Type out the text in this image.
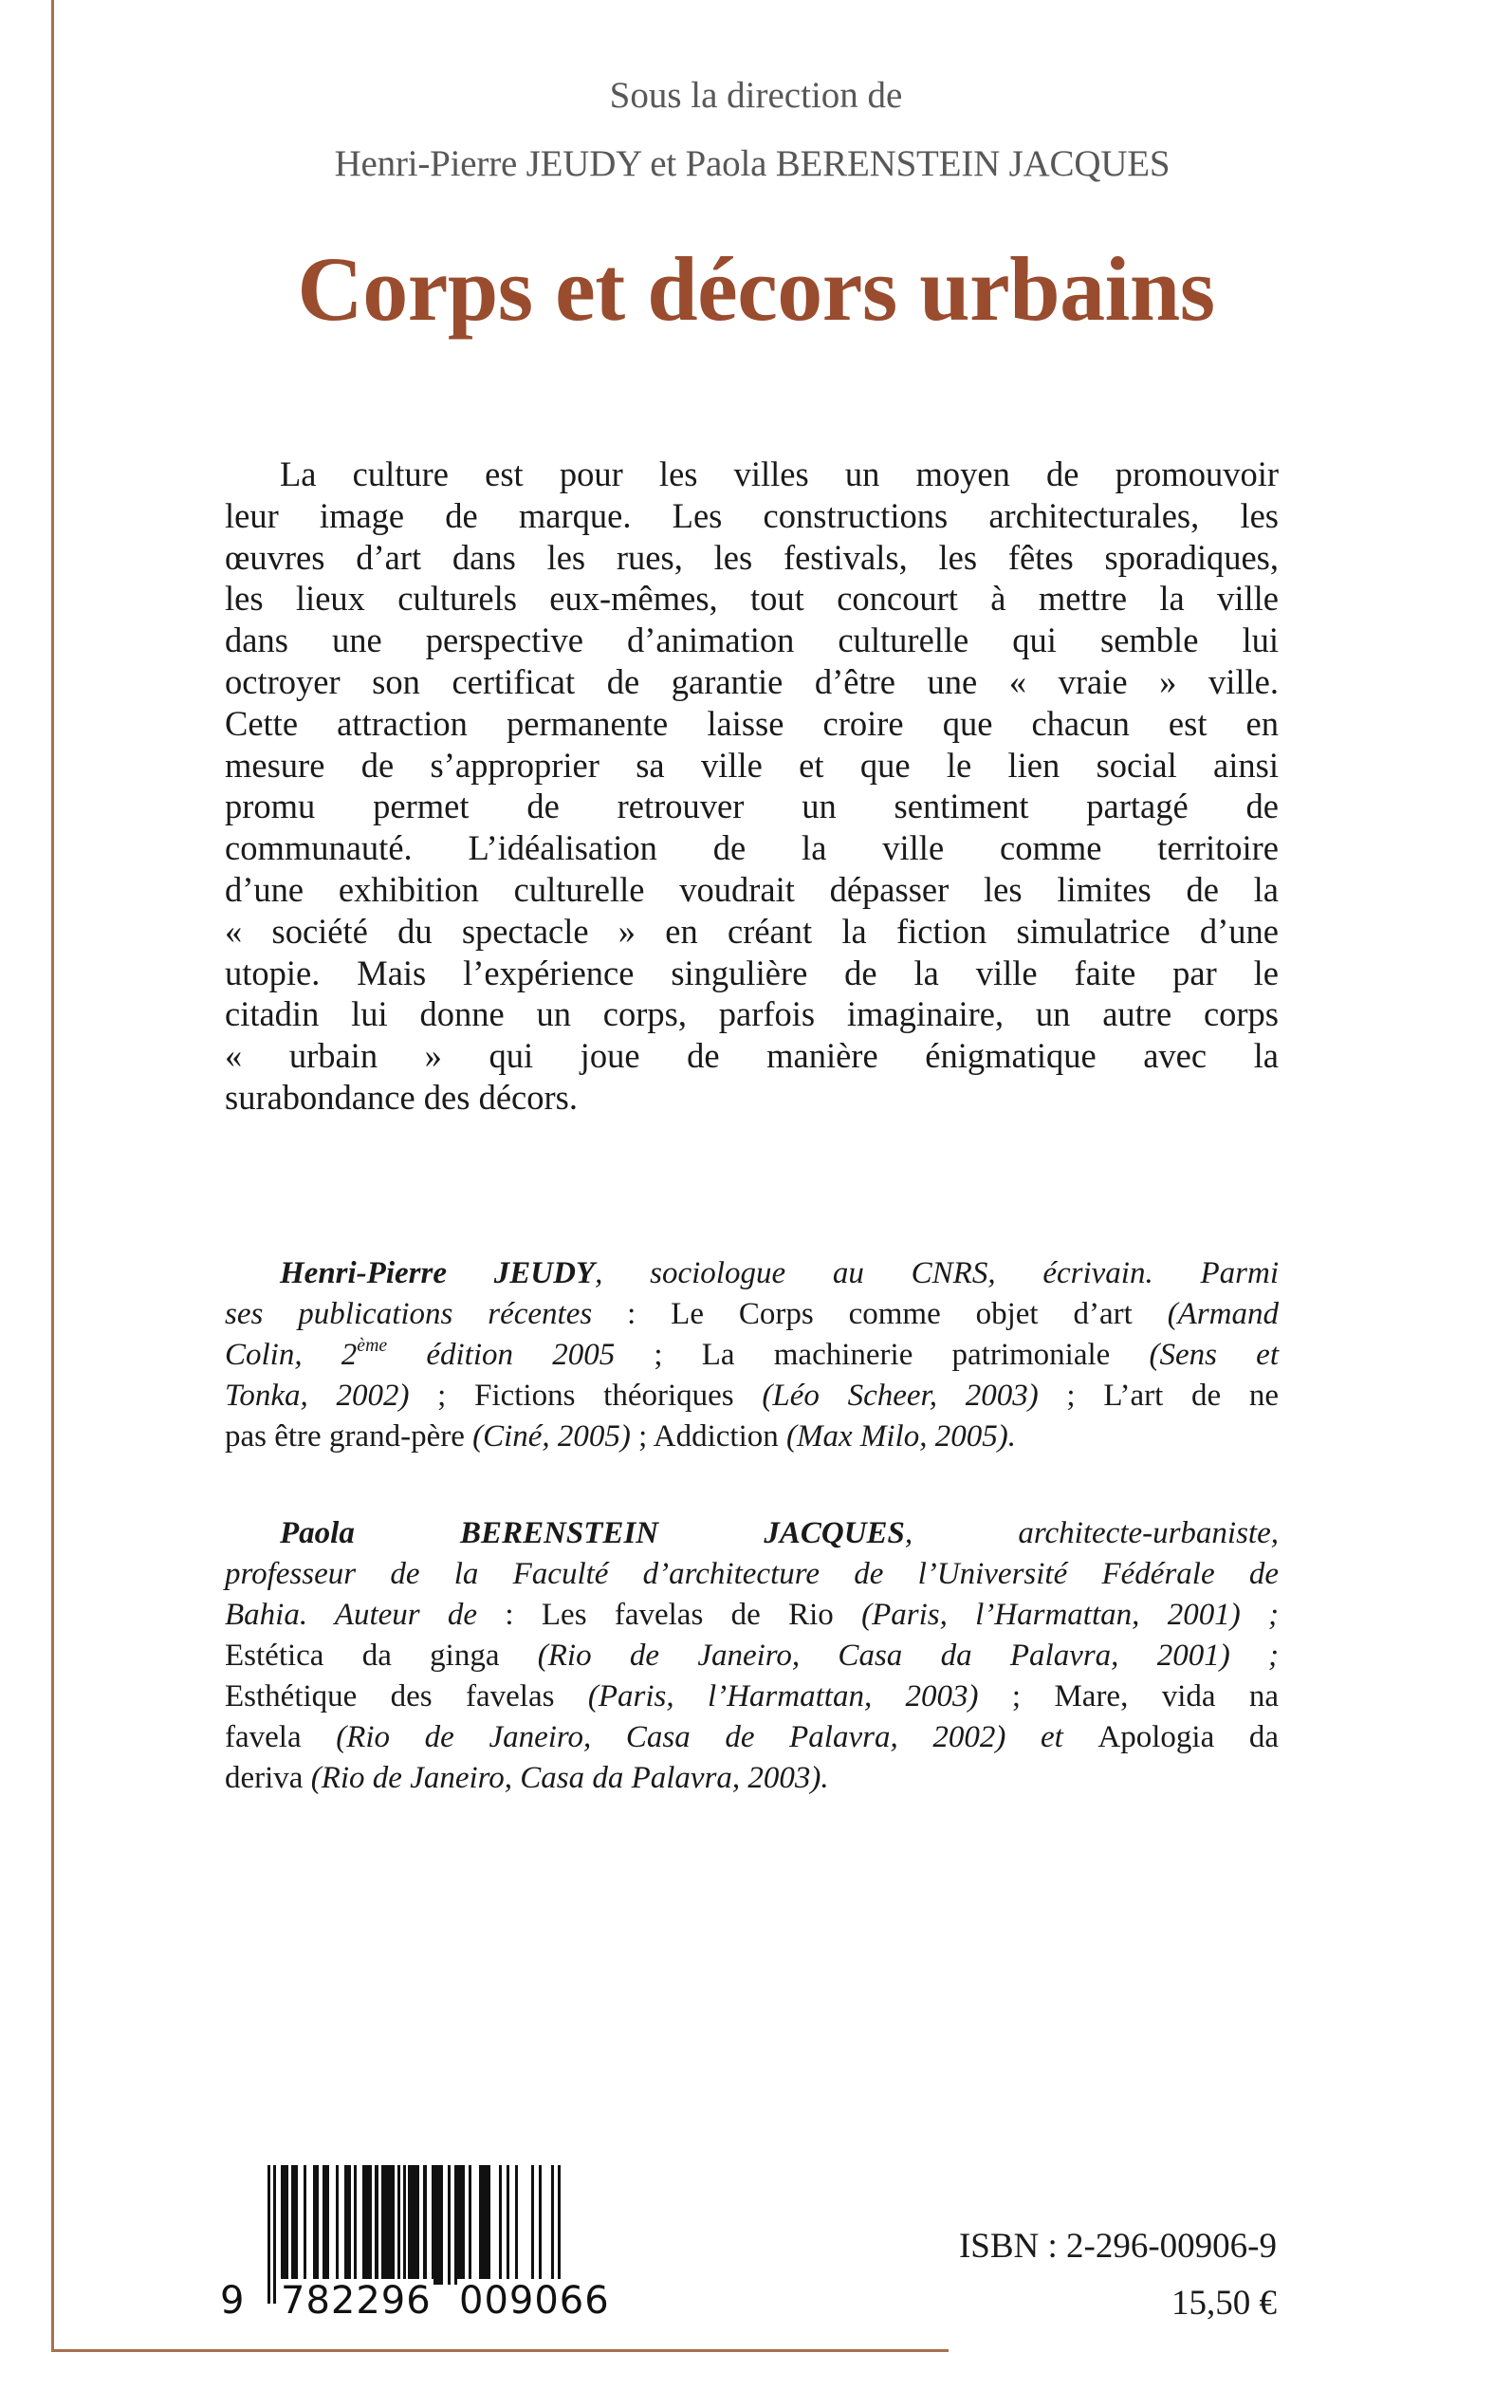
Sous la direction de
Henri-Pierre JEUDY et Paola BERENSTEIN JACQUES
Corps et décors urbains
La culture est pour les villes un moyen de promouvoir
leur image de marque. Les constructions architecturales, les
œuvres d’art dans les rues, les festivals, les fêtes sporadiques,
les lieux culturels eux-mêmes, tout concourt à mettre la ville
dans une perspective d’animation culturelle qui semble lui
octroyer son certificat de garantie d’être une « vraie » ville.
Cette attraction permanente laisse croire que chacun est en
mesure de s’approprier sa ville et que le lien social ainsi
promu permet de retrouver un sentiment partagé de
communauté. L’idéalisation de la ville comme territoire
d’une exhibition culturelle voudrait dépasser les limites de la
« société du spectacle » en créant la fiction simulatrice d’une
utopie. Mais l’expérience singulière de la ville faite par le
citadin lui donne un corps, parfois imaginaire, un autre corps
« urbain » qui joue de manière énigmatique avec la
surabondance des décors.
Henri-Pierre JEUDY, sociologue au CNRS, écrivain. Parmi
ses publications récentes : Le Corps comme objet d’art (Armand
Colin, 2ème édition 2005 ; La machinerie patrimoniale (Sens et
Tonka, 2002) ; Fictions théoriques (Léo Scheer, 2003) ; L’art de ne
pas être grand-père (Ciné, 2005) ; Addiction (Max Milo, 2005).
Paola BERENSTEIN JACQUES, architecte-urbaniste,
professeur de la Faculté d’architecture de l’Université Fédérale de
Bahia. Auteur de : Les favelas de Rio (Paris, l’Harmattan, 2001) ;
Estética da ginga (Rio de Janeiro, Casa da Palavra, 2001) ;
Esthétique des favelas (Paris, l’Harmattan, 2003) ; Mare, vida na
favela (Rio de Janeiro, Casa de Palavra, 2002) et Apologia da
deriva (Rio de Janeiro, Casa da Palavra, 2003).
9 782296 009066
ISBN : 2-296-00906-9
15,50 €
